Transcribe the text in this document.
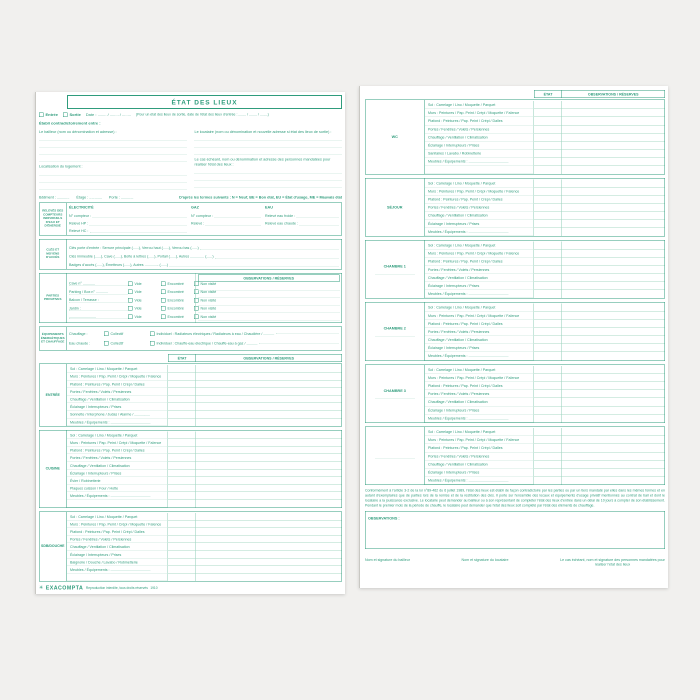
ÉTAT DES LIEUX
Entrée Sortie Date : ........ / ........ / ........ (Pour un état des lieux de sortie, date de l'état des lieux d'entrée : ........ / ........ / ........)
Établi contradictoirement entre :
Le bailleur (nom ou dénomination et adresse) :
Localisation du logement :
Le locataire (nom ou dénomination et nouvelle adresse si état des lieux de sortie) :
Le cas échéant, nom ou dénomination et adresse des personnes mandatées pour réaliser l'état des lieux :
Bâtiment : ............ Étage : ............ Porte : ............	D'après les termes suivants : N = Neuf, BE = Bon état, EU = État d'usage, ME = Mauvais état
RELEVÉS DES COMPTEURS INDIVIDUELS D'EAU ET D'ÉNERGIE
ÉLECTRICITÉ
N° compteur :
Relevé HP :
Relevé HC :
GAZ
N° compteur :
Relevé :
EAU
Relevé eau froide :
Relevé eau chaude :
CLÉS ET MOYENS D'ACCÈS
Clés porte d'entrée : Serrure principale (......), Verrou haut (......), Verrou bas (......)
Clés immeuble (......), Cave (......), Boîte à lettres (......), Portail (......), Autres .............. (......)
Badges d'accès (......), Émetteurs (......), Autres .............. (......)
PARTIES PRIVATIVES
Cave n° ............	Vide	Encombré Non visité
Parking / Box n° ............	Vide	Encombré Non visité
Balcon / Terrasse :	Vide	Encombré Non visité
Jardin :	Vide	Encombré Non visité
...........................	Vide	Encombré Non visité
OBSERVATIONS / RÉSERVES
ÉQUIPEMENTS ÉNERGÉTIQUES ET CHAUFFAGE
Chauffage :	Collectif	Individuel : Radiateurs électriques / Radiateurs à eau / Chaudière / ...........
Eau chaude :	Collectif	Individuel : Chauffe-eau électrique / Chauffe-eau à gaz / ...........
ÉTAT	OBSERVATIONS / RÉSERVES
ENTRÉE
Sol : Carrelage / Lino / Moquette / Parquet
Murs : Peintures / Pap. Peint / Crépi / Moquette / Faïence
Plafond : Peintures / Pap. Peint / Crépi / Dalles
Portes / Fenêtres / Volets / Persiennes
Chauffage / Ventilation / Climatisation
Éclairage / Interrupteurs / Prises
Sonnette / Interphone / Judas / Alarme / ................
Meubles / Équipements : ........................................
CUISINE
Sol : Carrelage / Lino / Moquette / Parquet
Murs : Peintures / Pap. Peint / Crépi / Moquette / Faïence
Plafond : Peintures / Pap. Peint / Crépi / Dalles
Portes / Fenêtres / Volets / Persiennes
Chauffage / Ventilation / Climatisation
Éclairage / Interrupteurs / Prises
Évier / Robinetterie
Plaques cuisson / Four / Hotte
Meubles / Équipements : ........................................
SDB/DOUCHE
Sol : Carrelage / Lino / Moquette / Parquet
Murs : Peintures / Pap. Peint / Crépi / Moquette / Faïence
Plafond : Peintures / Pap. Peint / Crépi / Dalles
Portes / Fenêtres / Volets / Persiennes
Chauffage / Ventilation / Climatisation
Éclairage / Interrupteurs / Prises
Baignoire / Douche / Lavabo / Robinetterie
Meubles / Équipements : ........................................
✳ EXACOMPTA Reproduction interdite, tous droits réservés 1910
ÉTAT	OBSERVATIONS / RÉSERVES
WC
Sol : Carrelage / Lino / Moquette / Parquet
Murs : Peintures / Pap. Peint / Crépi / Moquette / Faïence
Plafond : Peintures / Pap. Peint / Crépi / Dalles
Portes / Fenêtres / Volets / Persiennes
Chauffage / Ventilation / Climatisation
Éclairage / Interrupteurs / Prises
Sanitaires / Lavabo / Robinetterie
Meubles / Équipements : ........................................
SÉJOUR
Sol : Carrelage / Lino / Moquette / Parquet
Murs : Peintures / Pap. Peint / Crépi / Moquette / Faïence
Plafond : Peintures / Pap. Peint / Crépi / Dalles
Portes / Fenêtres / Volets / Persiennes
Chauffage / Ventilation / Climatisation
Éclairage / Interrupteurs / Prises
Meubles / Équipements : ........................................
CHAMBRE 1
Sol : Carrelage / Lino / Moquette / Parquet
Murs : Peintures / Pap. Peint / Crépi / Moquette / Faïence
Plafond : Peintures / Pap. Peint / Crépi / Dalles
Portes / Fenêtres / Volets / Persiennes
Chauffage / Ventilation / Climatisation
Éclairage / Interrupteurs / Prises
Meubles / Équipements : ........................................
CHAMBRE 2
Sol : Carrelage / Lino / Moquette / Parquet
Murs : Peintures / Pap. Peint / Crépi / Moquette / Faïence
Plafond : Peintures / Pap. Peint / Crépi / Dalles
Portes / Fenêtres / Volets / Persiennes
Chauffage / Ventilation / Climatisation
Éclairage / Interrupteurs / Prises
Meubles / Équipements : ........................................
CHAMBRE 3
Sol : Carrelage / Lino / Moquette / Parquet
Murs : Peintures / Pap. Peint / Crépi / Moquette / Faïence
Plafond : Peintures / Pap. Peint / Crépi / Dalles
Portes / Fenêtres / Volets / Persiennes
Chauffage / Ventilation / Climatisation
Éclairage / Interrupteurs / Prises
Meubles / Équipements : ........................................
Sol : Carrelage / Lino / Moquette / Parquet
Murs : Peintures / Pap. Peint / Crépi / Moquette / Faïence
Plafond : Peintures / Pap. Peint / Crépi / Dalles
Portes / Fenêtres / Volets / Persiennes
Chauffage / Ventilation / Climatisation
Éclairage / Interrupteurs / Prises
Meubles / Équipements : ........................................
Conformément à l'article 3-2 de la loi n°89-462 du 6 juillet 1989, l'état des lieux est établi de façon contradictoire par les parties ou par un tiers mandaté par elles dans les mêmes formes et en autant d'exemplaires que de parties lors de la remise et de la restitution des clés. Il porte sur l'ensemble des locaux et équipements d'usage privatif mentionnés au contrat de bail et dont le locataire a la jouissance exclusive. Le locataire peut demander au bailleur ou à son représentant de compléter l'état des lieux d'entrée dans un délai de 10 jours à compter de son établissement. Pendant le premier mois de la période de chauffe, le locataire peut demander que l'état des lieux soit complété par l'état des éléments de chauffage.
OBSERVATIONS :

Nom et signature du bailleur	Nom et signature du locataire	Le cas échéant, nom et signature des personnes mandatées pour réaliser l'état des lieux
